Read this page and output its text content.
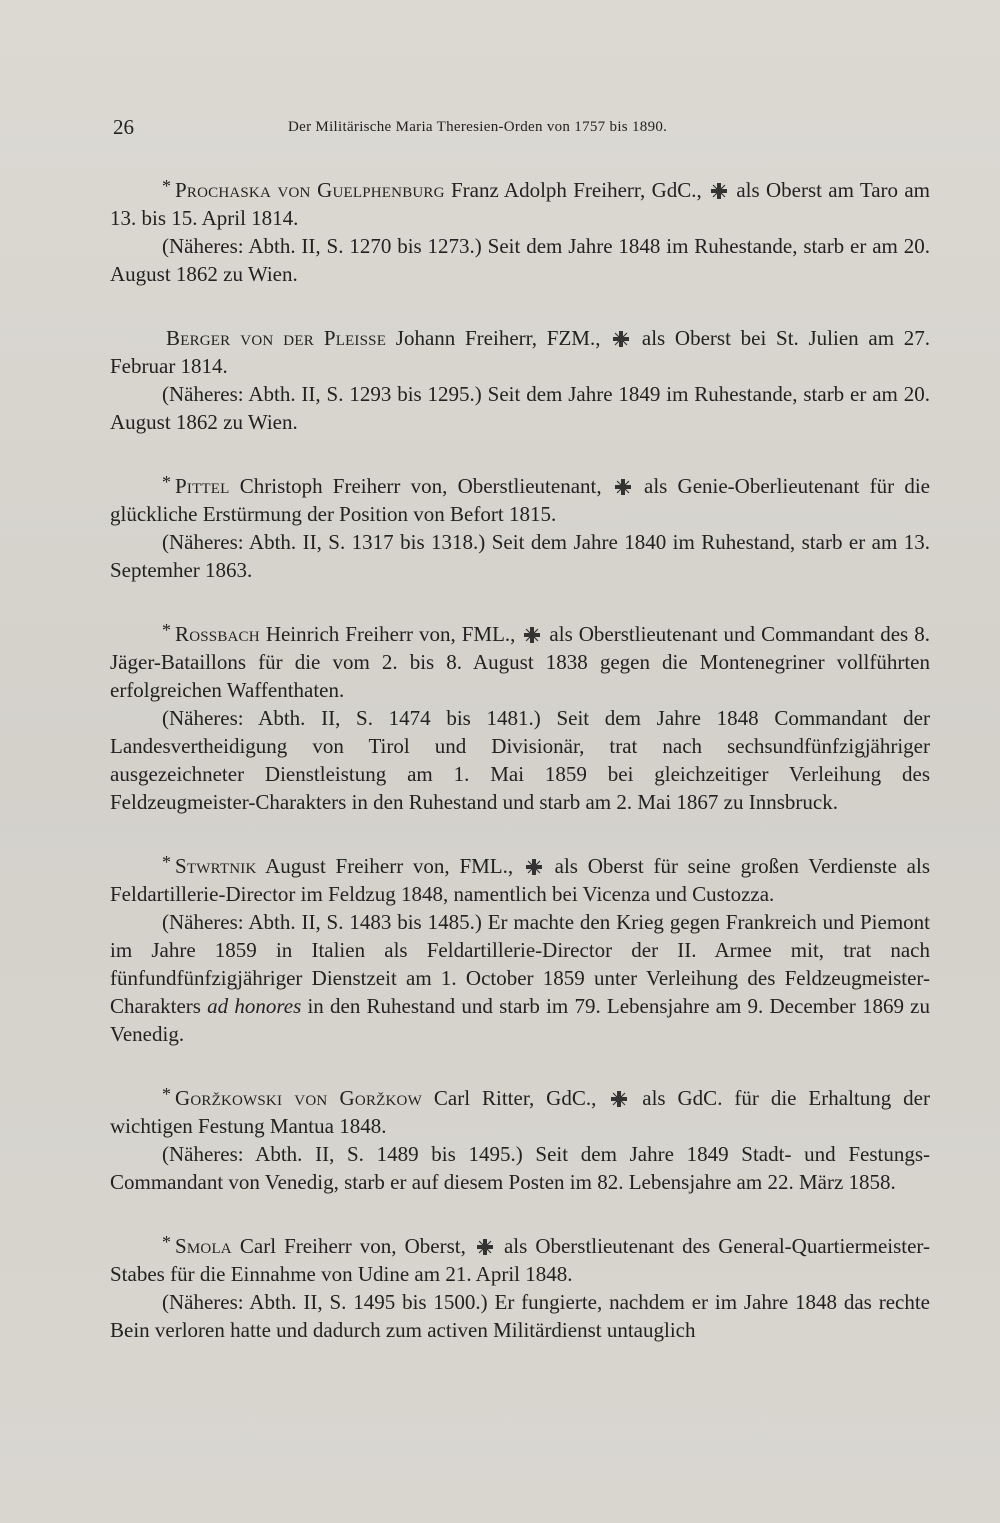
26	Der Militärische Maria Theresien-Orden von 1757 bis 1890.

* Prochaska von Guelphenburg Franz Adolph Freiherr, GdC.,
als Oberst am Taro am 13. bis 15. April 1814.

(Näheres: Abth. II, S. 1270 bis 1273.) Seit dem Jahre 1848 im Ruhestande, starb er am 20. August 1862 zu Wien.

Berger von der Pleisse Johann Freiherr, FZM.,
als Oberst bei St. Julien am 27. Februar 1814.

(Näheres: Abth. II, S. 1293 bis 1295.) Seit dem Jahre 1849 im Ruhestande, starb er am 20. August 1862 zu Wien.

* Pittel Christoph Freiherr von, Oberstlieutenant,
als Genie-Oberlieutenant für die glückliche Erstürmung der Position von Befort 1815.

(Näheres: Abth. II, S. 1317 bis 1318.) Seit dem Jahre 1840 im Ruhestand, starb er am 13. Septemher 1863.

* Rossbach Heinrich Freiherr von, FML.,
als Oberstlieutenant und Commandant des 8. Jäger-Bataillons für die vom 2. bis 8. August 1838 gegen die Montenegriner vollführten erfolgreichen Waffenthaten.

(Näheres: Abth. II, S. 1474 bis 1481.) Seit dem Jahre 1848 Commandant der Landesvertheidigung von Tirol und Divisionär, trat nach sechsundfünfzigjähriger ausgezeichneter Dienstleistung am 1. Mai 1859 bei gleichzeitiger Verleihung des Feldzeugmeister-Charakters in den Ruhestand und starb am 2. Mai 1867 zu Innsbruck.

* Stwrtnik August Freiherr von, FML.,
als Oberst für seine großen Verdienste als Feldartillerie-Director im Feldzug 1848, namentlich bei Vicenza und Custozza.

(Näheres: Abth. II, S. 1483 bis 1485.) Er machte den Krieg gegen Frankreich und Piemont im Jahre 1859 in Italien als Feldartillerie-Director der II. Armee mit, trat nach fünfundfünfzigjähriger Dienstzeit am 1. October 1859 unter Verleihung des Feldzeugmeister-Charakters ad honores in den Ruhestand und starb im 79. Lebensjahre am 9. December 1869 zu Venedig.

* Goržkowski von Goržkow Carl Ritter, GdC.,
als GdC. für die Erhaltung der wichtigen Festung Mantua 1848.

(Näheres: Abth. II, S. 1489 bis 1495.) Seit dem Jahre 1849 Stadt- und Festungs-Commandant von Venedig, starb er auf diesem Posten im 82. Lebensjahre am 22. März 1858.

* Smola Carl Freiherr von, Oberst,
als Oberstlieutenant des General-Quartiermeister-Stabes für die Einnahme von Udine am 21. April 1848.

(Näheres: Abth. II, S. 1495 bis 1500.) Er fungierte, nachdem er im Jahre 1848 das rechte Bein verloren hatte und dadurch zum activen Militärdienst untauglich
